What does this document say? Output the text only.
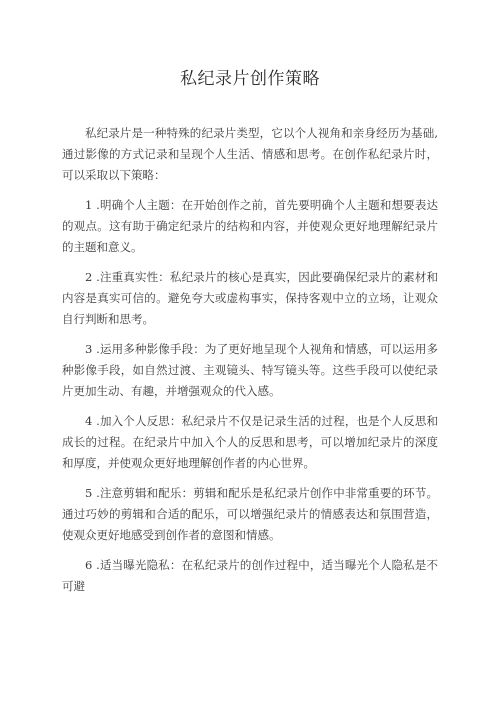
私纪录片创作策略

私纪录片是一种特殊的纪录片类型，它以个人视角和亲身经历为基础, 通过影像的方式记录和呈现个人生活、情感和思考。在创作私纪录片时，可以采取以下策略：

1 .明确个人主题：在开始创作之前，首先要明确个人主题和想要表达的观点。这有助于确定纪录片的结构和内容，并使观众更好地理解纪录片的主题和意义。

2 .注重真实性：私纪录片的核心是真实，因此要确保纪录片的素材和内容是真实可信的。避免夸大或虚构事实，保持客观中立的立场，让观众自行判断和思考。

3 .运用多种影像手段：为了更好地呈现个人视角和情感，可以运用多种影像手段，如自然过渡、主观镜头、特写镜头等。这些手段可以使纪录片更加生动、有趣，并增强观众的代入感。

4 .加入个人反思：私纪录片不仅是记录生活的过程，也是个人反思和成长的过程。在纪录片中加入个人的反思和思考，可以增加纪录片的深度和厚度，并使观众更好地理解创作者的内心世界。

5 .注意剪辑和配乐：剪辑和配乐是私纪录片创作中非常重要的环节。通过巧妙的剪辑和合适的配乐，可以增强纪录片的情感表达和氛围营造，使观众更好地感受到创作者的意图和情感。

6 .适当曝光隐私：在私纪录片的创作过程中，适当曝光个人隐私是不可避
